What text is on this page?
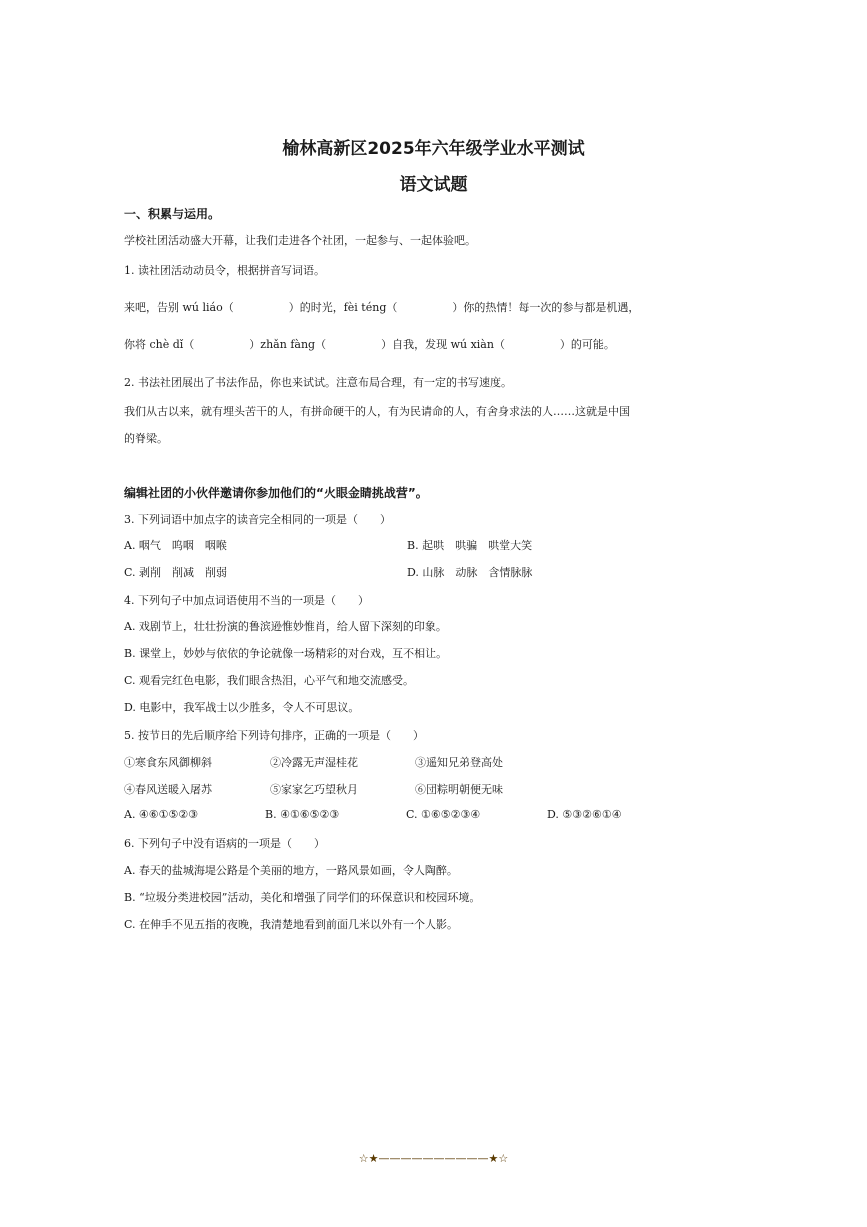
榆林高新区2025年六年级学业水平测试
语文试题
一、积累与运用。
学校社团活动盛大开幕，让我们走进各个社团，一起参与、一起体验吧。
1. 读社团活动动员令，根据拼音写词语。
来吧，告别 wú liáo（　　　　　）的时光，fèi téng（　　　　　）你的热情！每一次的参与都是机遇，
你将 chè dǐ（　　　　　）zhǎn fàng（　　　　　）自我，发现 wú xiàn（　　　　　）的可能。
2. 书法社团展出了书法作品，你也来试试。注意布局合理，有一定的书写速度。
我们从古以来，就有埋头苦干的人，有拼命硬干的人，有为民请命的人，有舍身求法的人……这就是中国
的脊梁。
编辑社团的小伙伴邀请你参加他们的“火眼金睛挑战营”。
3. 下列词语中加点字的读音完全相同的一项是（　　）
A. 咽气　呜咽　咽喉	B. 起哄　哄骗　哄堂大笑
C. 剥削　削减　削弱	D. 山脉　动脉　含情脉脉
4. 下列句子中加点词语使用不当的一项是（　　）
A. 戏剧节上，壮壮扮演的鲁滨逊惟妙惟肖，给人留下深刻的印象。
B. 课堂上，妙妙与依依的争论就像一场精彩的对台戏，互不相让。
C. 观看完红色电影，我们眼含热泪，心平气和地交流感受。
D. 电影中，我军战士以少胜多，令人不可思议。
5. 按节日的先后顺序给下列诗句排序，正确的一项是（　　）
①寒食东风御柳斜	②冷露无声湿桂花	③遥知兄弟登高处
④春风送暖入屠苏	⑤家家乞巧望秋月	⑥団粽明朝便无味
A. ④⑥①⑤②③	B. ④①⑥⑤②③	C. ①⑥⑤②③④	D. ⑤③②⑥①④
6. 下列句子中没有语病的一项是（　　）
A. 春天的盐城海堤公路是个美丽的地方，一路风景如画，令人陶醉。
B. “垃圾分类进校园”活动，美化和增强了同学们的环保意识和校园环境。
C. 在伸手不见五指的夜晚，我清楚地看到前面几米以外有一个人影。
☆★——————————★☆
